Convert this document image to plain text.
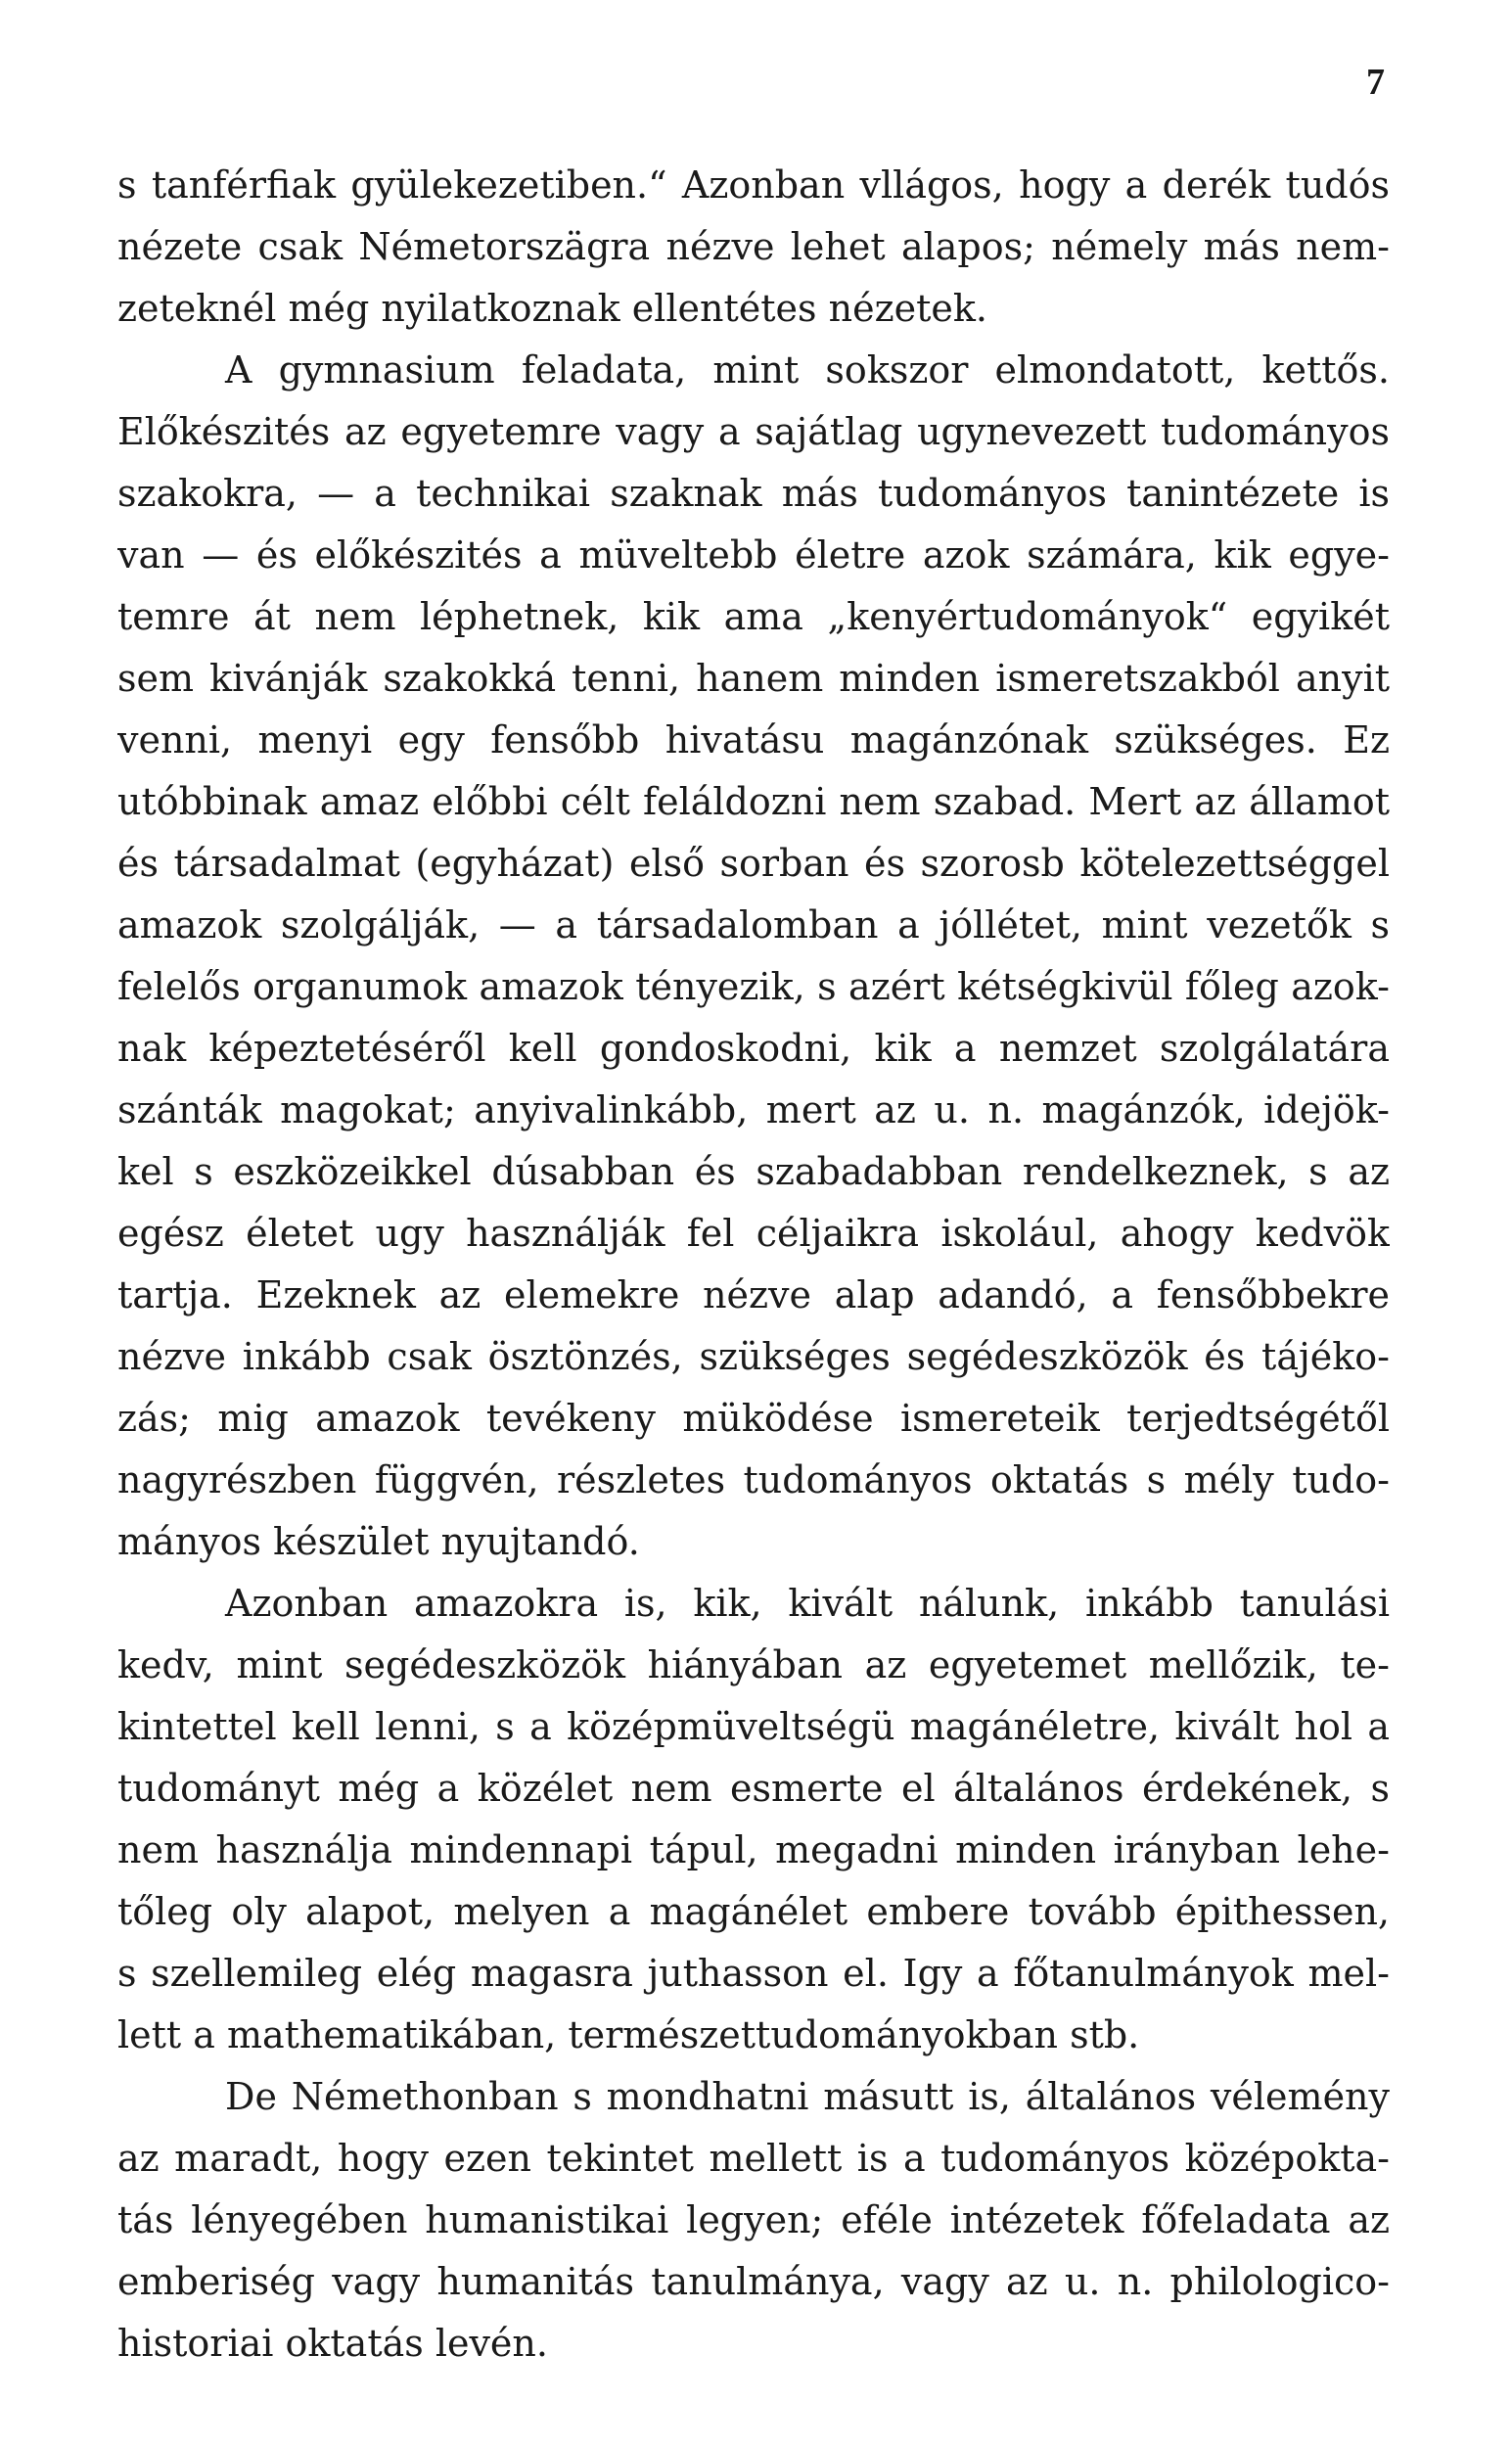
7
s tanférfiak gyülekezetiben.“ Azonban vllágos, hogy a derék tudós
nézete csak Németorszägra nézve lehet alapos; némely más nem-
zeteknél még nyilatkoznak ellentétes nézetek.
A gymnasium feladata, mint sokszor elmondatott, kettős.
Előkészités az egyetemre vagy a sajátlag ugynevezett tudományos
szakokra, — a technikai szaknak más tudományos tanintézete is
van — és előkészités a müveltebb életre azok számára, kik egye-
temre át nem léphetnek, kik ama „kenyértudományok“ egyikét
sem kivánják szakokká tenni, hanem minden ismeretszakból anyit
venni, menyi egy fensőbb hivatásu magánzónak szükséges. Ez
utóbbinak amaz előbbi célt feláldozni nem szabad. Mert az államot
és társadalmat (egyházat) első sorban és szorosb kötelezettséggel
amazok szolgálják, — a társadalomban a jóllétet, mint vezetők s
felelős organumok amazok tényezik, s azért kétségkivül főleg azok-
nak képeztetéséről kell gondoskodni, kik a nemzet szolgálatára
szánták magokat; anyivalinkább, mert az u. n. magánzók, idejök-
kel s eszközeikkel dúsabban és szabadabban rendelkeznek, s az
egész életet ugy használják fel céljaikra iskolául, ahogy kedvök
tartja. Ezeknek az elemekre nézve alap adandó, a fensőbbekre
nézve inkább csak ösztönzés, szükséges segédeszközök és tájéko-
zás; mig amazok tevékeny müködése ismereteik terjedtségétől
nagyrészben függvén, részletes tudományos oktatás s mély tudo-
mányos készület nyujtandó.
Azonban amazokra is, kik, kivált nálunk, inkább tanulási
kedv, mint segédeszközök hiányában az egyetemet mellőzik, te-
kintettel kell lenni, s a középmüveltségü magánéletre, kivált hol a
tudományt még a közélet nem esmerte el általános érdekének, s
nem használja mindennapi tápul, megadni minden irányban lehe-
tőleg oly alapot, melyen a magánélet embere tovább épithessen,
s szellemileg elég magasra juthasson el. Igy a főtanulmányok mel-
lett a mathematikában, természettudományokban stb.
De Némethonban s mondhatni másutt is, általános vélemény
az maradt, hogy ezen tekintet mellett is a tudományos középokta-
tás lényegében humanistikai legyen; eféle intézetek főfeladata az
emberiség vagy humanitás tanulmánya, vagy az u. n. philologico-
historiai oktatás levén.
